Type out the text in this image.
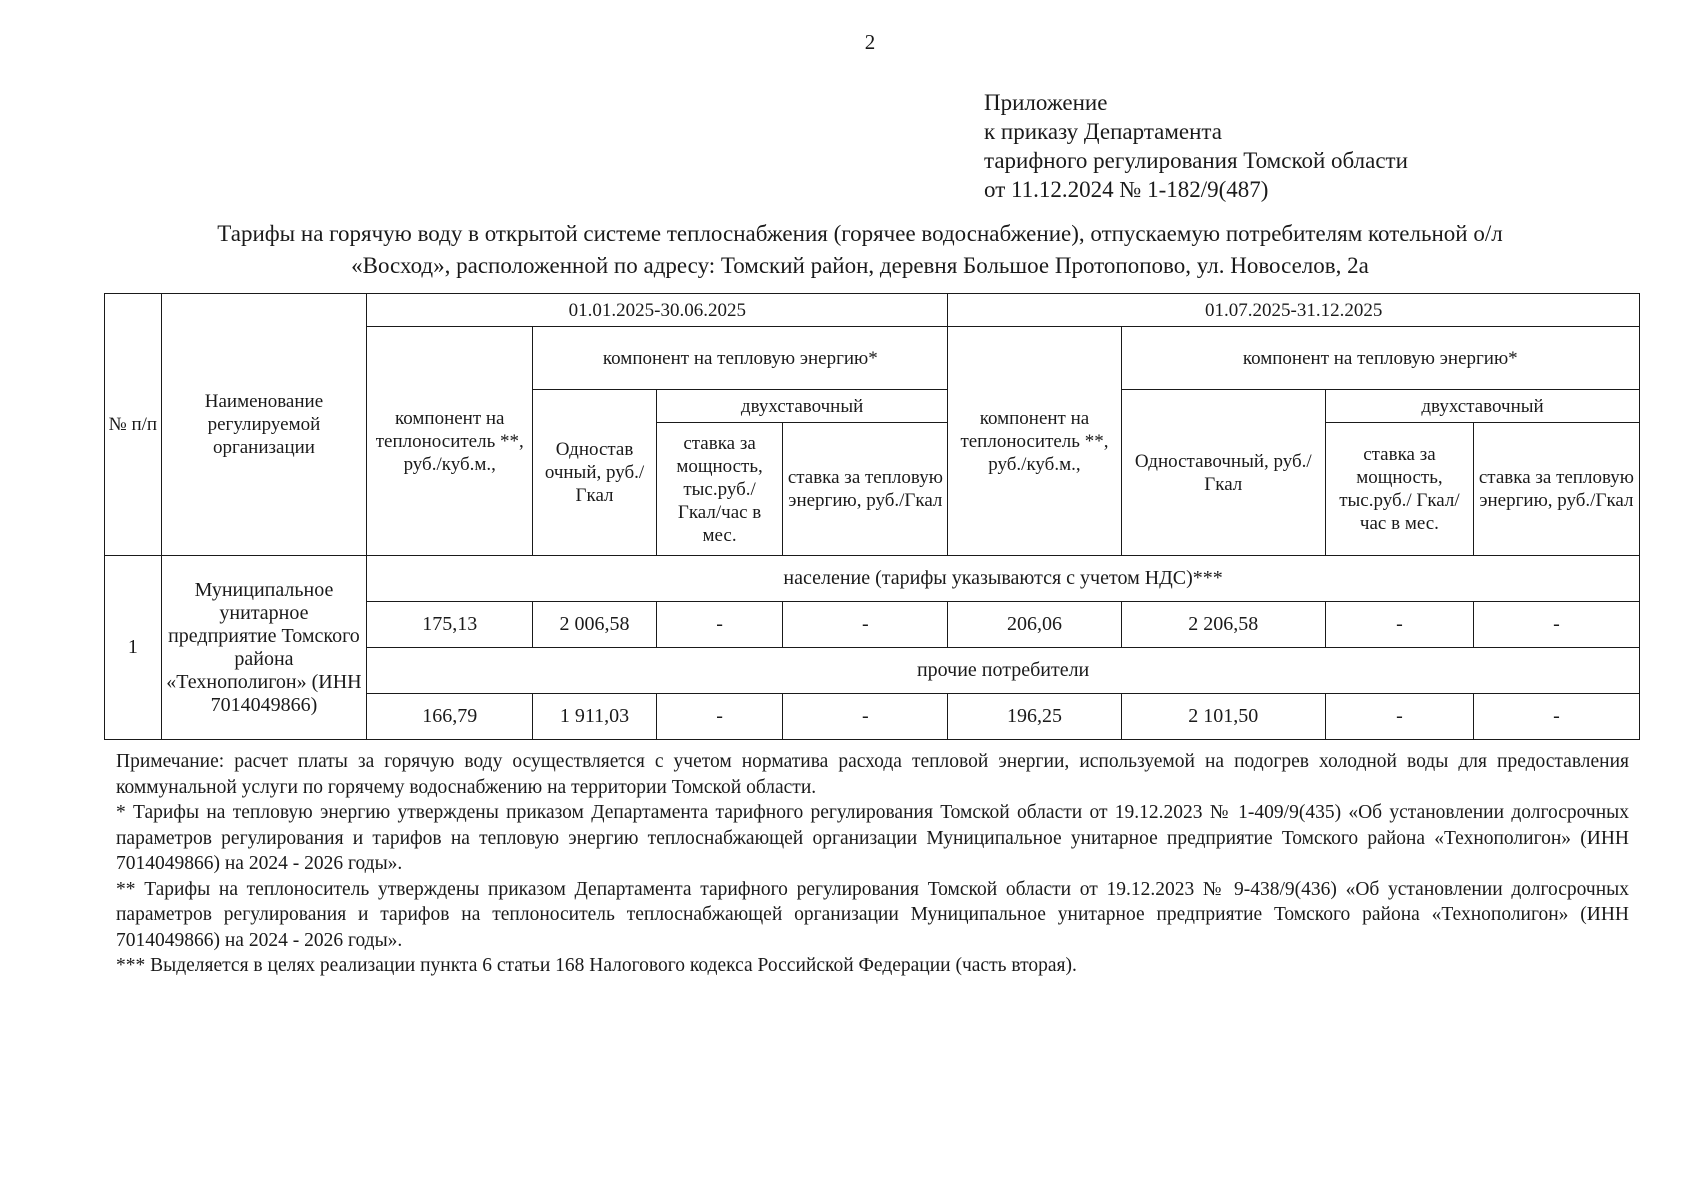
2
Приложение
к приказу Департамента
тарифного регулирования Томской области
от 11.12.2024 № 1-182/9(487)
Тарифы на горячую воду в открытой системе теплоснабжения (горячее водоснабжение), отпускаемую потребителям котельной о/л
«Восход», расположенной по адресу: Томский район, деревня Большое Протопопово, ул. Новоселов, 2а
№ п/п	Наименование регулируемой организации	01.01.2025-30.06.2025				01.07.2025-31.12.2025			
		компонент на теплоноситель **, руб./куб.м.,	компонент на тепловую энергию*			компонент на теплоноситель **, руб./куб.м.,	компонент на тепловую энергию*		
			Одностав очный, руб./Гкал	двухставочный			Одноставочный, руб./Гкал	двухставочный	
				ставка за мощность, тыс.руб./ Гкал/час в мес.	ставка за тепловую энергию, руб./Гкал			ставка за мощность, тыс.руб./ Гкал/час в мес.	ставка за тепловую энергию, руб./Гкал
1	Муниципальное унитарное предприятие Томского района «Технополигон» (ИНН 7014049866)	население (тарифы указываются с учетом НДС)***							
		175,13	2 006,58	-	-	206,06	2 206,58	-	-
		прочие потребители							
		166,79	1 911,03	-	-	196,25	2 101,50	-	-

Примечание: расчет платы за горячую воду осуществляется с учетом норматива расхода тепловой энергии, используемой на подогрев холодной воды для предоставления коммунальной услуги по горячему водоснабжению на территории Томской области.

* Тарифы на тепловую энергию утверждены приказом Департамента тарифного регулирования Томской области от 19.12.2023 № 1-409/9(435) «Об установлении долгосрочных параметров регулирования и тарифов на тепловую энергию теплоснабжающей организации Муниципальное унитарное предприятие Томского района «Технополигон» (ИНН 7014049866) на 2024 - 2026 годы».

** Тарифы на теплоноситель утверждены приказом Департамента тарифного регулирования Томской области от 19.12.2023 № 9-438/9(436) «Об установлении долгосрочных параметров регулирования и тарифов на теплоноситель теплоснабжающей организации Муниципальное унитарное предприятие Томского района «Технополигон» (ИНН 7014049866) на 2024 - 2026 годы».

*** Выделяется в целях реализации пункта 6 статьи 168 Налогового кодекса Российской Федерации (часть вторая).
